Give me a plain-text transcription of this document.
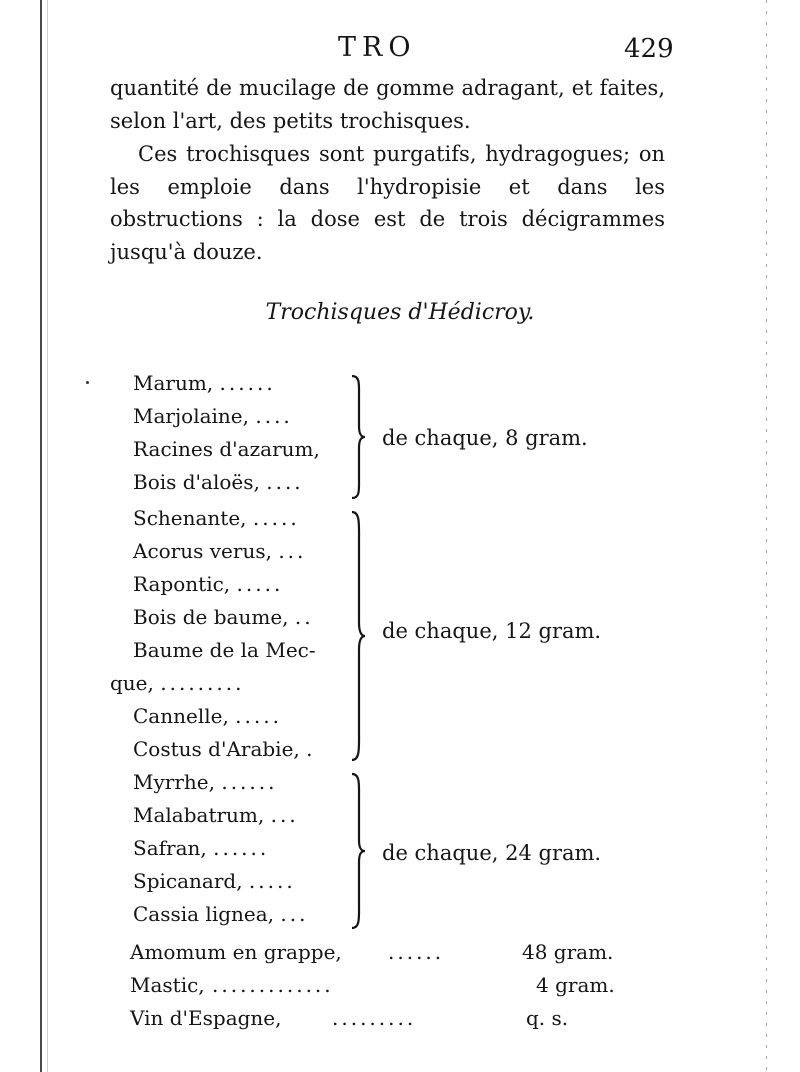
TRO	429

quantité de mucilage de gomme adragant, et faites, selon l'art, des petits trochisques.

Ces trochisques sont purgatifs, hydragogues; on les emploie dans l'hydropisie et dans les obstructions : la dose est de trois décigrammes jusqu'à douze.

Trochisques d'Hédicroy.
Marum, ......
Marjolaine, ....
Racines d'azarum,
Bois d'aloës, ....
de chaque, 8 gram.
Schenante, .....
Acorus verus, ...
Rapontic, .....
Bois de baume, ..
Baume de la Mec-
que, .........
Cannelle, .....
Costus d'Arabie, .
de chaque, 12 gram.
Myrrhe, ......
Malabatrum, ...
Safran, ......
Spicanard, .....
Cassia lignea, ...
de chaque, 24 gram.
Amomum en grappe, ......	48 gram.
Mastic, .............	4 gram.
Vin d'Espagne,	.........	q. s.
